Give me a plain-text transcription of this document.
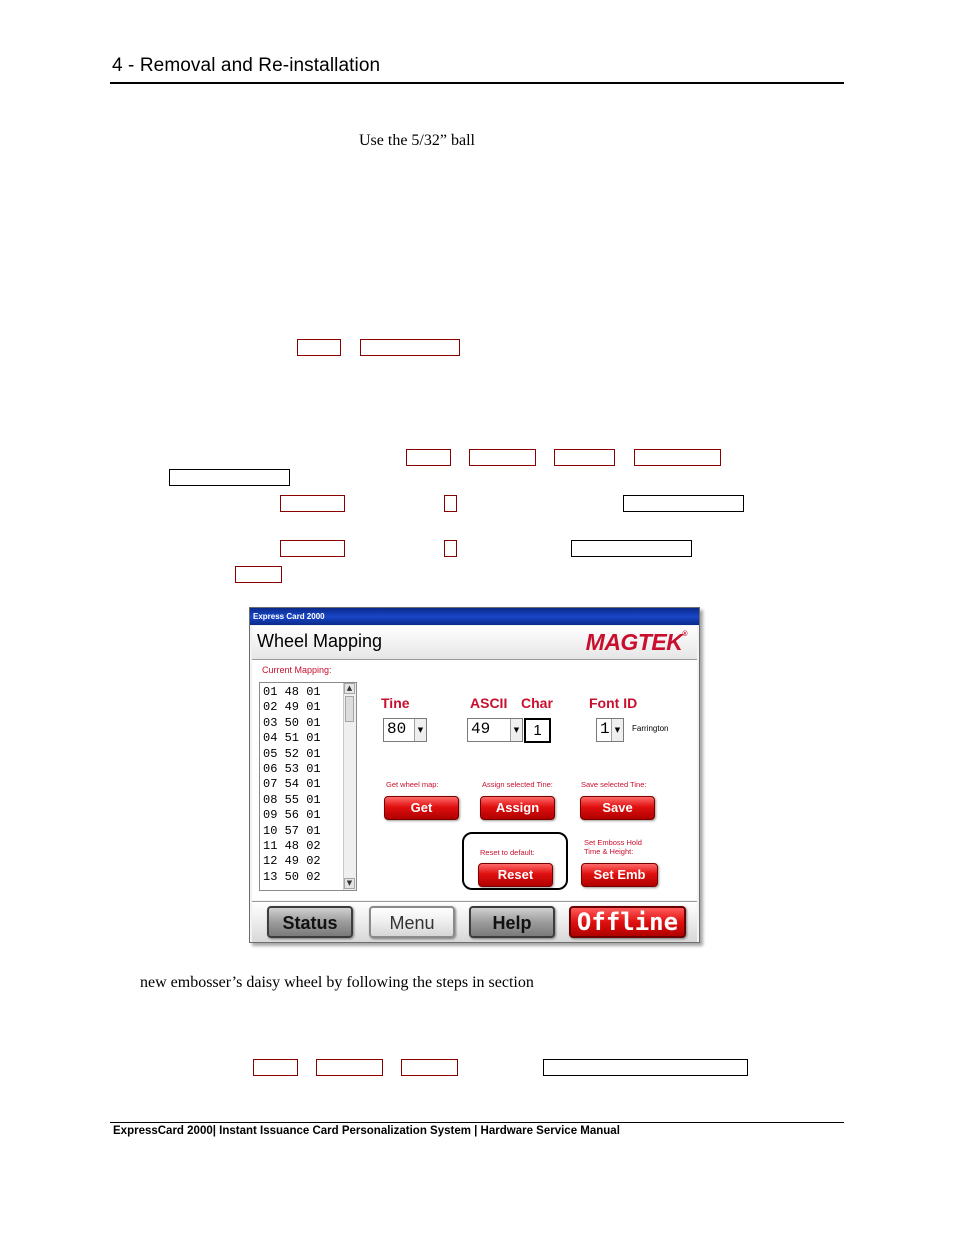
4 - Removal and Re-installation
Use the 5/32” ball
Express Card 2000
Wheel Mapping	MAGTEK®
Current Mapping:
01 48 01
02 49 01
03 50 01
04 51 01
05 52 01
06 53 01
07 54 01
08 55 01
09 56 01
10 57 01
11 48 02
12 49 02
13 50 02
▲
▼
Tine	ASCII Char	Font ID
80	▼	49	▼ 1	1 ▼	Farrington
Get wheel map:	Assign selected Tine:	Save selected Tine:
Get	Assign	Save
Reset to default:
Reset
Set Emboss Hold
Time & Height:
Set Emb
Status	Menu	Help	Offline
new embosser’s daisy wheel by following the steps in section
ExpressCard 2000| Instant Issuance Card Personalization System | Hardware Service Manual
